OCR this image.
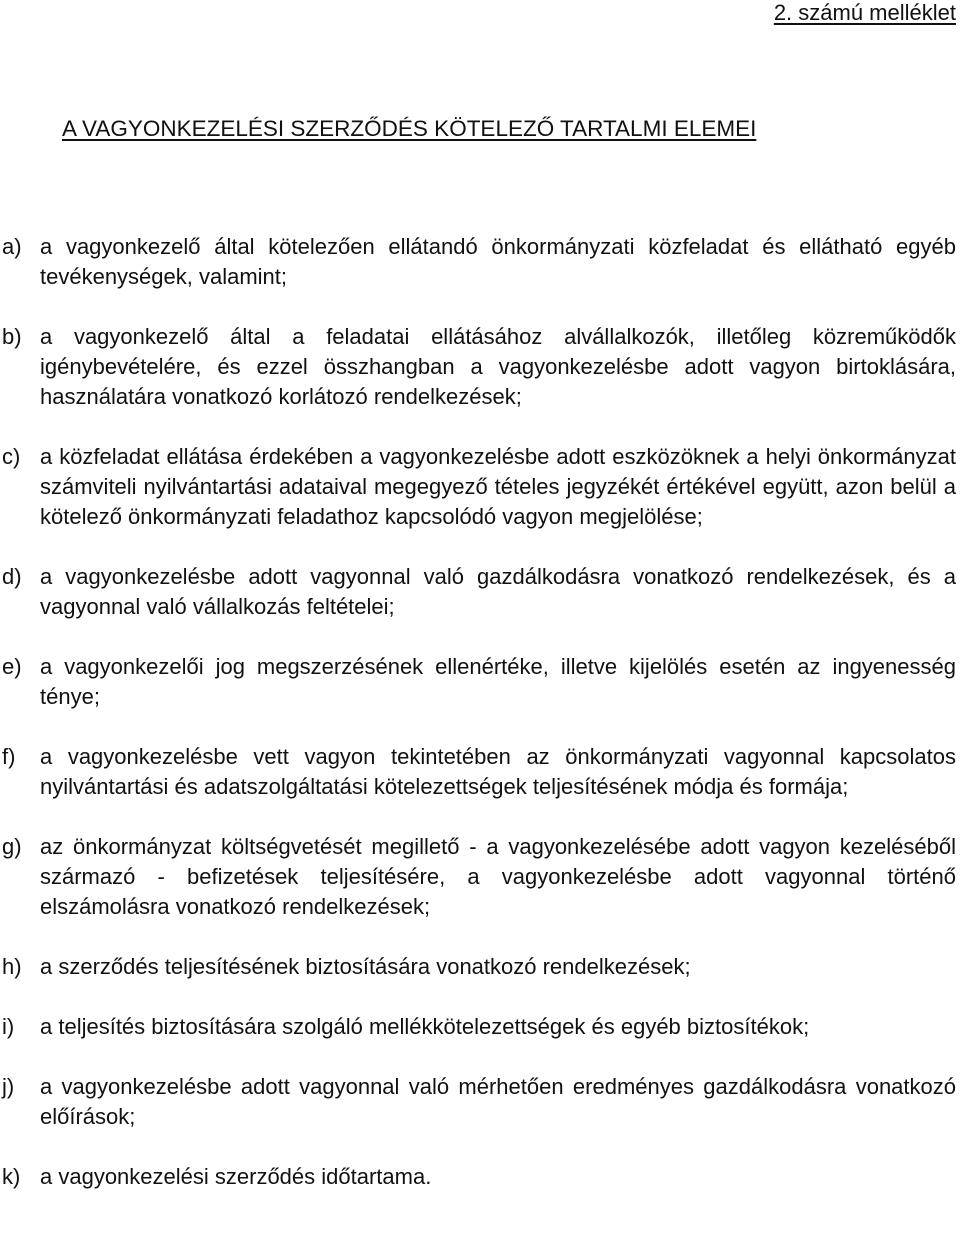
2. számú melléklet
A VAGYONKEZELÉSI SZERZŐDÉS KÖTELEZŐ TARTALMI ELEMEI
a) a vagyonkezelő által kötelezően ellátandó önkormányzati közfeladat és ellátható egyéb tevékenységek, valamint;
b) a vagyonkezelő által a feladatai ellátásához alvállalkozók, illetőleg közreműködők igénybevételére, és ezzel összhangban a vagyonkezelésbe adott vagyon birtoklására, használatára vonatkozó korlátozó rendelkezések;
c) a közfeladat ellátása érdekében a vagyonkezelésbe adott eszközöknek a helyi önkormányzat számviteli nyilvántartási adataival megegyező tételes jegyzékét értékével együtt, azon belül a kötelező önkormányzati feladathoz kapcsolódó vagyon megjelölése;
d) a vagyonkezelésbe adott vagyonnal való gazdálkodásra vonatkozó rendelkezések, és a vagyonnal való vállalkozás feltételei;
e) a vagyonkezelői jog megszerzésének ellenértéke, illetve kijelölés esetén az ingyenesség ténye;
f)	a vagyonkezelésbe vett vagyon tekintetében az önkormányzati vagyonnal kapcsolatos nyilvántartási és adatszolgáltatási kötelezettségek teljesítésének módja és formája;
g) az önkormányzat költségvetését megillető - a vagyonkezelésébe adott vagyon kezeléséből származó - befizetések teljesítésére, a vagyonkezelésbe adott vagyonnal történő elszámolásra vonatkozó rendelkezések;
h) a szerződés teljesítésének biztosítására vonatkozó rendelkezések;
i)	a teljesítés biztosítására szolgáló mellékkötelezettségek és egyéb biztosítékok;
j)	a vagyonkezelésbe adott vagyonnal való mérhetően eredményes gazdálkodásra vonatkozó előírások;
k) a vagyonkezelési szerződés időtartama.
